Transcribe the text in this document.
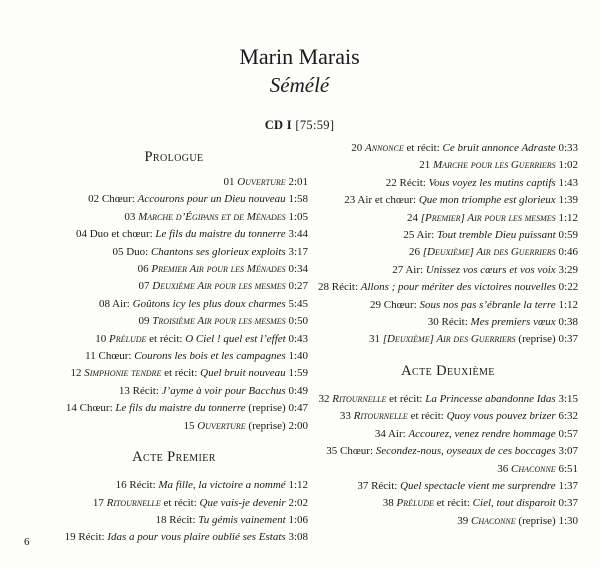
Marin Marais
Sémélé
CD I [75:59]
Prologue
01 Ouverture 2:01
02 Chœur: Accourons pour un Dieu nouveau 1:58
03 Marche d’Égipans et de Ménades 1:05
04 Duo et chœur: Le fils du maistre du tonnerre 3:44
05 Duo: Chantons ses glorieux exploits 3:17
06 Premier Air pour les Ménades 0:34
07 Deuxième Air pour les mesmes 0:27
08 Air: Goûtons icy les plus doux charmes 5:45
09 Troisième Air pour les mesmes 0:50
10 Prélude et récit: O Ciel ! quel est l’effet 0:43
11 Chœur: Courons les bois et les campagnes 1:40
12 Simphonie tendre et récit: Quel bruit nouveau 1:59
13 Récit: J’ayme à voir pour Bacchus 0:49
14 Chœur: Le fils du maistre du tonnerre (reprise) 0:47
15 Ouverture (reprise) 2:00
Acte Premier
16 Récit: Ma fille, la victoire a nommé 1:12
17 Ritournelle et récit: Que vais-je devenir 2:02
18 Récit: Tu gémis vainement 1:06
19 Récit: Idas a pour vous plaire oublié ses Estats 3:08
20 Annonce et récit: Ce bruit annonce Adraste 0:33
21 Marche pour les Guerriers 1:02
22 Récit: Vous voyez les mutins captifs 1:43
23 Air et chœur: Que mon triomphe est glorieux 1:39
24 [Premier] Air pour les mesmes 1:12
25 Air: Tout tremble Dieu puissant 0:59
26 [Deuxième] Air des Guerriers 0:46
27 Air: Unissez vos cœurs et vos voix 3:29
28 Récit: Allons ; pour mériter des victoires nouvelles 0:22
29 Chœur: Sous nos pas s’ébranle la terre 1:12
30 Récit: Mes premiers vœux 0:38
31 [Deuxième] Air des Guerriers (reprise) 0:37
Acte Deuxième
32 Ritournelle et récit: La Princesse abandonne Idas 3:15
33 Ritournelle et récit: Quoy vous pouvez brizer 6:32
34 Air: Accourez, venez rendre hommage 0:57
35 Chœur: Secondez-nous, oyseaux de ces boccages 3:07
36 Chaconne 6:51
37 Récit: Quel spectacle vient me surprendre 1:37
38 Prélude et récit: Ciel, tout disparoit 0:37
39 Chaconne (reprise) 1:30
6
